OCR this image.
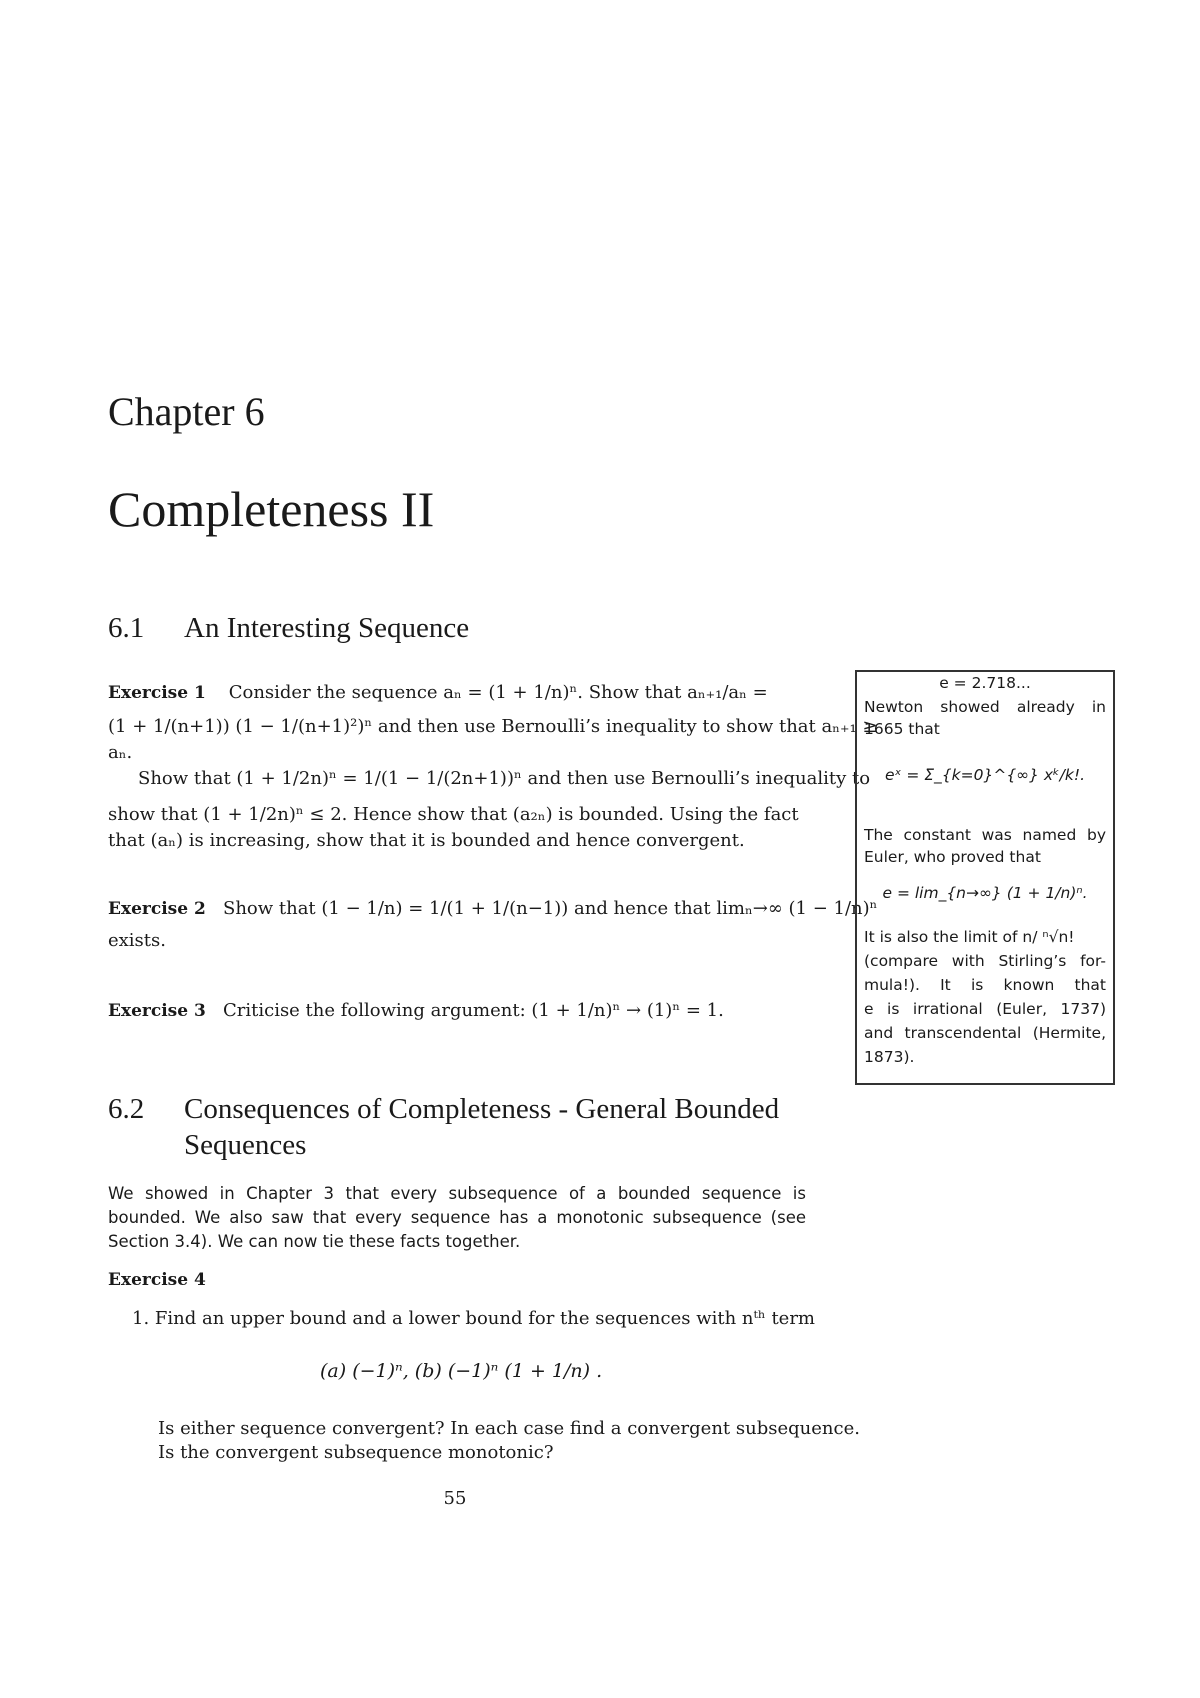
Chapter 6
Completeness II
6.1 An Interesting Sequence
Exercise 1 Consider the sequence aₙ = (1 + 1/n)ⁿ. Show that aₙ₊₁/aₙ =
(1 + 1/(n+1)) (1 − 1/(n+1)²)ⁿ and then use Bernoulli’s inequality to show that aₙ₊₁ ≥
aₙ.
Show that (1 + 1/2n)ⁿ = 1/(1 − 1/(2n+1))ⁿ and then use Bernoulli’s inequality to
show that (1 + 1/2n)ⁿ ≤ 2. Hence show that (a₂ₙ) is bounded. Using the fact
that (aₙ) is increasing, show that it is bounded and hence convergent.
Exercise 2 Show that (1 − 1/n) = 1/(1 + 1/(n−1)) and hence that limₙ→∞ (1 − 1/n)ⁿ
exists.
Exercise 3 Criticise the following argument: (1 + 1/n)ⁿ → (1)ⁿ = 1.
e = 2.718...
Newton showed already in
1665 that
eˣ = Σ_{k=0}^{∞} xᵏ/k!.
The constant was named by
Euler, who proved that
e = lim_{n→∞} (1 + 1/n)ⁿ.
It is also the limit of n/ ⁿ√n!
(compare with Stirling’s for-
mula!). It is known that
e is irrational (Euler, 1737)
and transcendental (Hermite,
1873).
6.2 Consequences of Completeness - General Bounded
Sequences
We showed in Chapter 3 that every subsequence of a bounded sequence is
bounded. We also saw that every sequence has a monotonic subsequence (see
Section 3.4). We can now tie these facts together.
Exercise 4
1. Find an upper bound and a lower bound for the sequences with nᵗʰ term
(a) (−1)ⁿ, (b) (−1)ⁿ (1 + 1/n) .
Is either sequence convergent? In each case find a convergent subsequence.
Is the convergent subsequence monotonic?
55
